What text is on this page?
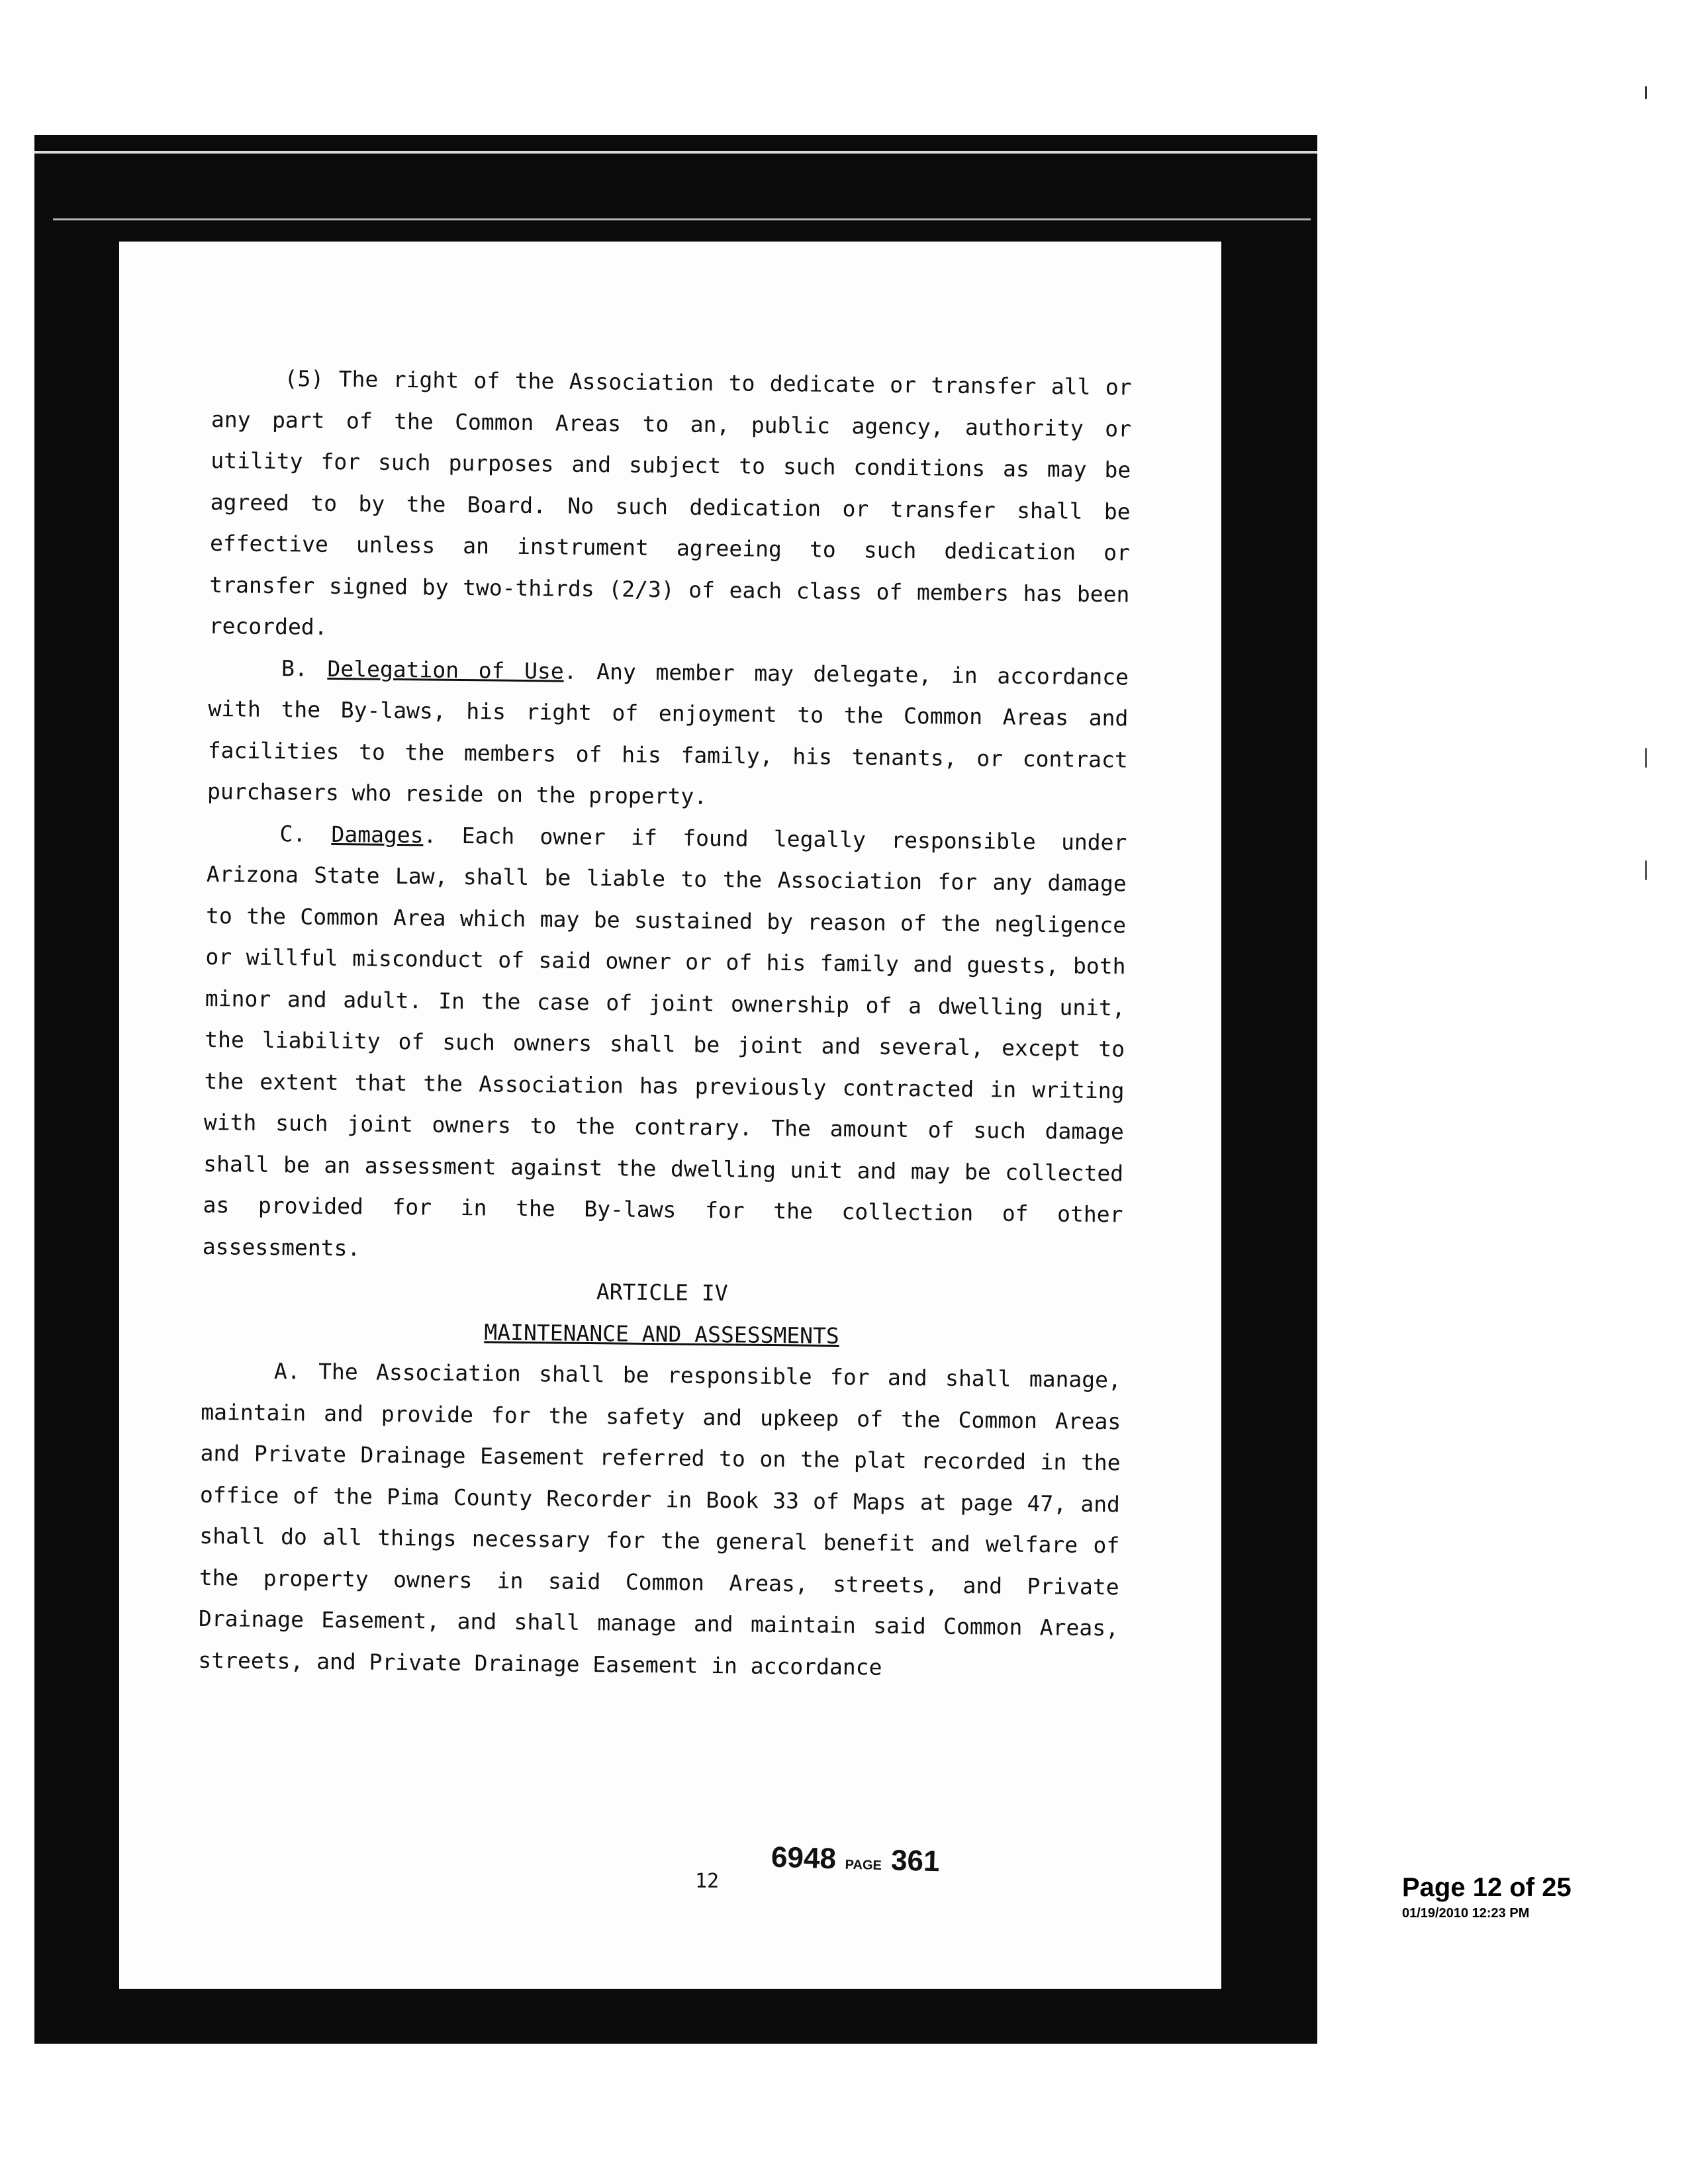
(5) The right of the Association to dedicate or transfer all or any part of the Common Areas to an, public agency, authority or utility for such purposes and subject to such conditions as may be agreed to by the Board. No such dedication or transfer shall be effective unless an instrument agreeing to such dedication or transfer signed by two-thirds (2/3) of each class of members has been recorded.

B. Delegation of Use. Any member may delegate, in accordance with the By-laws, his right of enjoyment to the Common Areas and facilities to the members of his family, his tenants, or contract purchasers who reside on the property.

C. Damages. Each owner if found legally responsible under Arizona State Law, shall be liable to the Association for any damage to the Common Area which may be sustained by reason of the negligence or willful misconduct of said owner or of his family and guests, both minor and adult. In the case of joint ownership of a dwelling unit, the liability of such owners shall be joint and several, except to the extent that the Association has previously contracted in writing with such joint owners to the contrary. The amount of such damage shall be an assessment against the dwelling unit and may be collected as provided for in the By-laws for the collection of other assessments.

ARTICLE IV

MAINTENANCE AND ASSESSMENTS

A. The Association shall be responsible for and shall manage, maintain and provide for the safety and upkeep of the Common Areas and Private Drainage Easement referred to on the plat recorded in the office of the Pima County Recorder in Book 33 of Maps at page 47, and shall do all things necessary for the general benefit and welfare of the property owners in said Common Areas, streets, and Private Drainage Easement, and shall manage and maintain said Common Areas, streets, and Private Drainage Easement in accordance

12
6948 PAGE 361
Page 12 of 25
01/19/2010 12:23 PM
